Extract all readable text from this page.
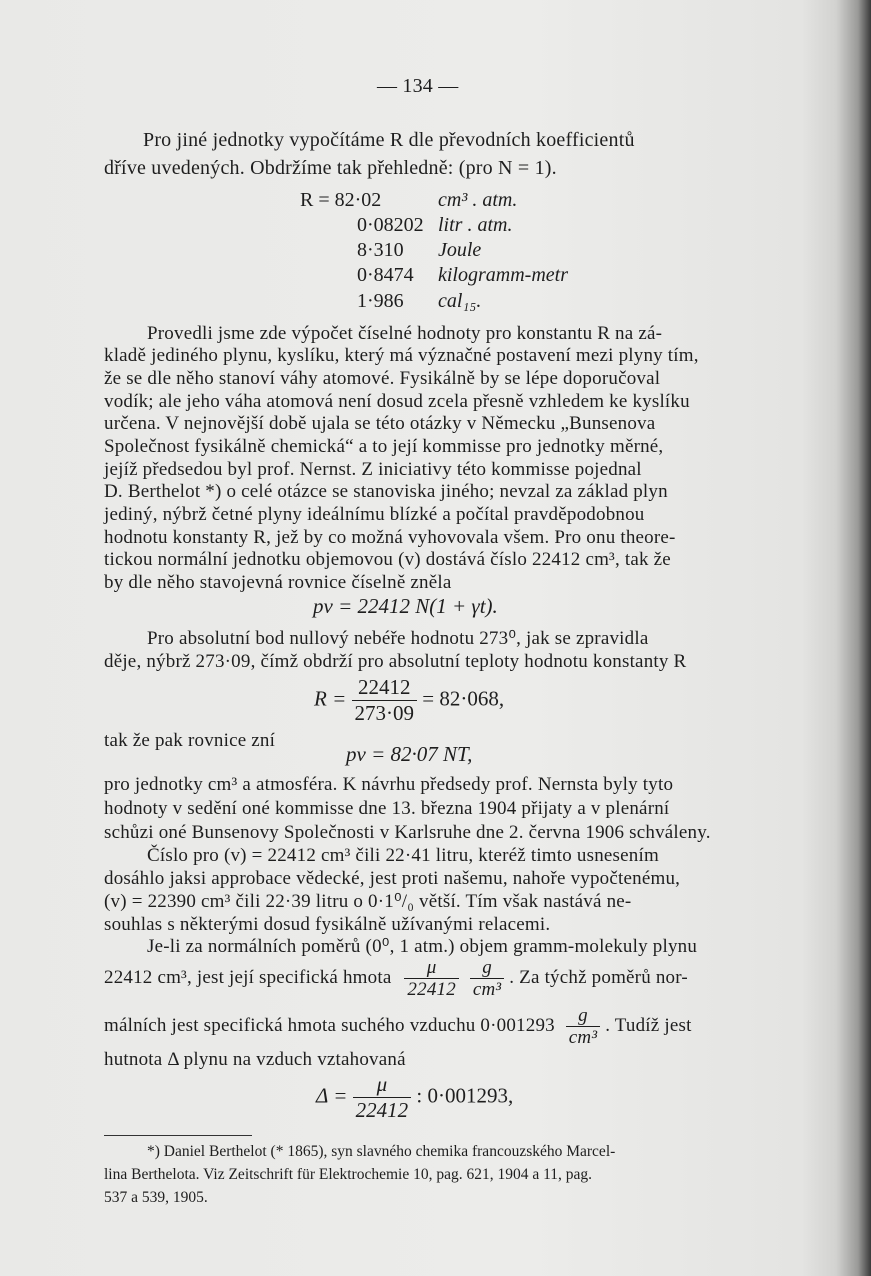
— 134 —
Pro jiné jednotky vypočítáme R dle převodních koefficientů
dříve uvedených. Obdržíme tak přehledně: (pro N = 1).
R = 82·02	cm³ . atm.
0·08202 litr . atm.
8·310 Joule
0·8474 kilogramm-metr
1·986 cal₁₅.
Provedli jsme zde výpočet číselné hodnoty pro konstantu R na zá-
kladě jediného plynu, kyslíku, který má význačné postavení mezi plyny tím,
že se dle něho stanoví váhy atomové. Fysikálně by se lépe doporučoval
vodík; ale jeho váha atomová není dosud zcela přesně vzhledem ke kyslíku
určena. V nejnovější době ujala se této otázky v Německu „Bunsenova
Společnost fysikálně chemická“ a to její kommisse pro jednotky měrné,
jejíž předsedou byl prof. Nernst. Z iniciativy této kommisse pojednal
D. Berthelot *) o celé otázce se stanoviska jiného; nevzal za základ plyn
jediný, nýbrž četné plyny ideálnímu blízké a počítal pravděpodobnou
hodnotu konstanty R, jež by co možná vyhovovala všem. Pro onu theore-
tickou normální jednotku objemovou (v) dostává číslo 22412 cm³, tak že
by dle něho stavojevná rovnice číselně zněla
pv = 22412 N(1 + γt).
Pro absolutní bod nullový nebéře hodnotu 273⁰, jak se zpravidla
děje, nýbrž 273·09, čímž obdrží pro absolutní teploty hodnotu konstanty R
$R = \frac{22412}{273\cdot 09} = 82\cdot 068$,
tak že pak rovnice zní
pv = 82·07 NT,
pro jednotky cm³ a atmosféra. K návrhu předsedy prof. Nernsta byly tyto
hodnoty v sedění oné kommisse dne 13. března 1904 přijaty a v plenární
schůzi oné Bunsenovy Společnosti v Karlsruhe dne 2. června 1906 schváleny.
Číslo pro (v) = 22412 cm³ čili 22·41 litru, kteréž timto usnesením
dosáhlo jaksi approbace vědecké, jest proti našemu, nahoře vypočtenému,
(v) = 22390 cm³ čili 22·39 litru o 0·1⁰/₀ větší. Tím však nastává ne-
souhlas s některými dosud fysikálně užívanými relacemi.
Je-li za normálních poměrů (0⁰, 1 atm.) objem gramm-molekuly plynu
22412 cm³, jest její specifická hmota $\frac{\mu}{22412}$
$\frac{g}{\text{cm³}}$ . Za týchž poměrů nor-
málních jest specifická hmota suchého vzduchu $0\cdot 001293 \frac{g}{\text{cm³}}$ . Tudíž jest
hutnota Δ plynu na vzduch vztahovaná
$\Delta = \frac{\mu}{22412}$ : 0·001293,
*) Daniel Berthelot (* 1865), syn slavného chemika francouzského Marcel-
lina Berthelota. Viz Zeitschrift für Elektrochemie 10, pag. 621, 1904 a 11, pag.
537 a 539, 1905.
